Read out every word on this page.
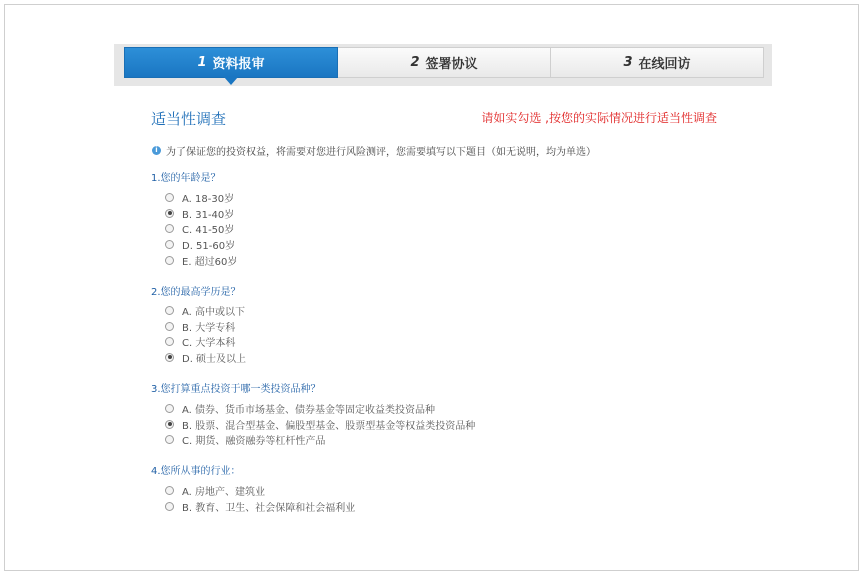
1 资料报审	2 签署协议	3 在线回访
适当性调查	请如实勾选 ,按您的实际情况进行适当性调查
i 为了保证您的投资权益，将需要对您进行风险测评，您需要填写以下题目（如无说明，均为单选）
1.您的年龄是？
A. 18-30岁
B. 31-40岁
C. 41-50岁
D. 51-60岁
E. 超过60岁
2.您的最高学历是？
A. 高中或以下
B. 大学专科
C. 大学本科
D. 硕士及以上
3.您打算重点投资于哪一类投资品种？
A. 债券、货币市场基金、债券基金等固定收益类投资品种
B. 股票、混合型基金、偏股型基金、股票型基金等权益类投资品种
C. 期货、融资融券等杠杆性产品
4.您所从事的行业：
A. 房地产、建筑业
B. 教育、卫生、社会保障和社会福利业
